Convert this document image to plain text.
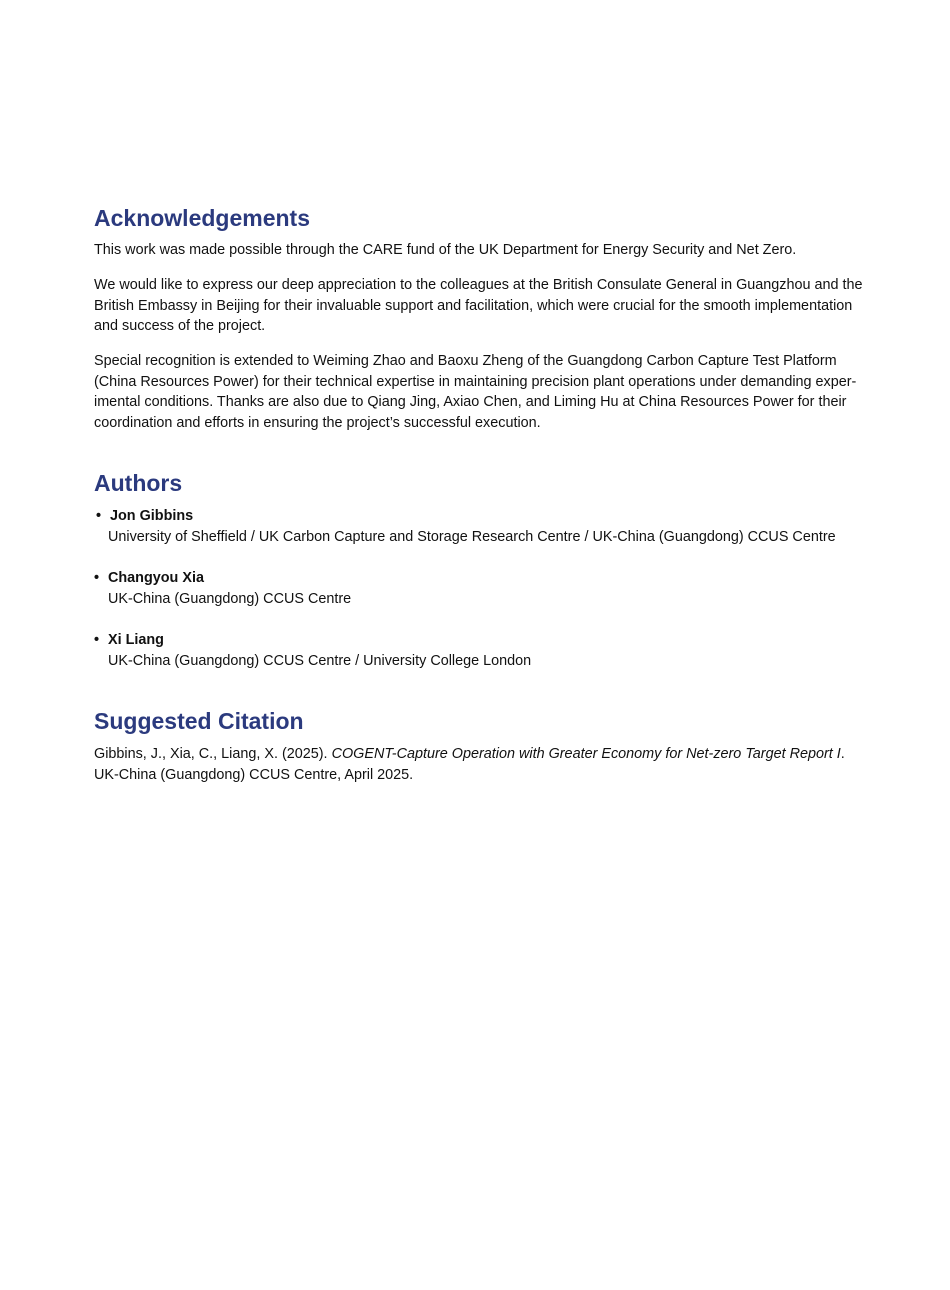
Acknowledgements

This work was made possible through the CARE fund of the UK Department for Energy Security and Net Zero.

We would like to express our deep appreciation to the colleagues at the British Consulate General in Guangzhou and the British Embassy in Beijing for their invaluable support and facilitation, which were crucial for the smooth implementation and success of the project.

Special recognition is extended to Weiming Zhao and Baoxu Zheng of the Guangdong Carbon Capture Test Platform (China Resources Power) for their technical expertise in maintaining precision plant operations under demanding exper-imental conditions. Thanks are also due to Qiang Jing, Axiao Chen, and Liming Hu at China Resources Power for their coordination and efforts in ensuring the project’s successful execution.

Authors
• Jon Gibbins
University of Sheffield / UK Carbon Capture and Storage Research Centre / UK-China (Guangdong) CCUS Centre
• Changyou Xia
UK-China (Guangdong) CCUS Centre
• Xi Liang
UK-China (Guangdong) CCUS Centre / University College London
Suggested Citation

Gibbins, J., Xia, C., Liang, X. (2025). COGENT-Capture Operation with Greater Economy for Net-zero Target Report I. UK-China (Guangdong) CCUS Centre, April 2025.
